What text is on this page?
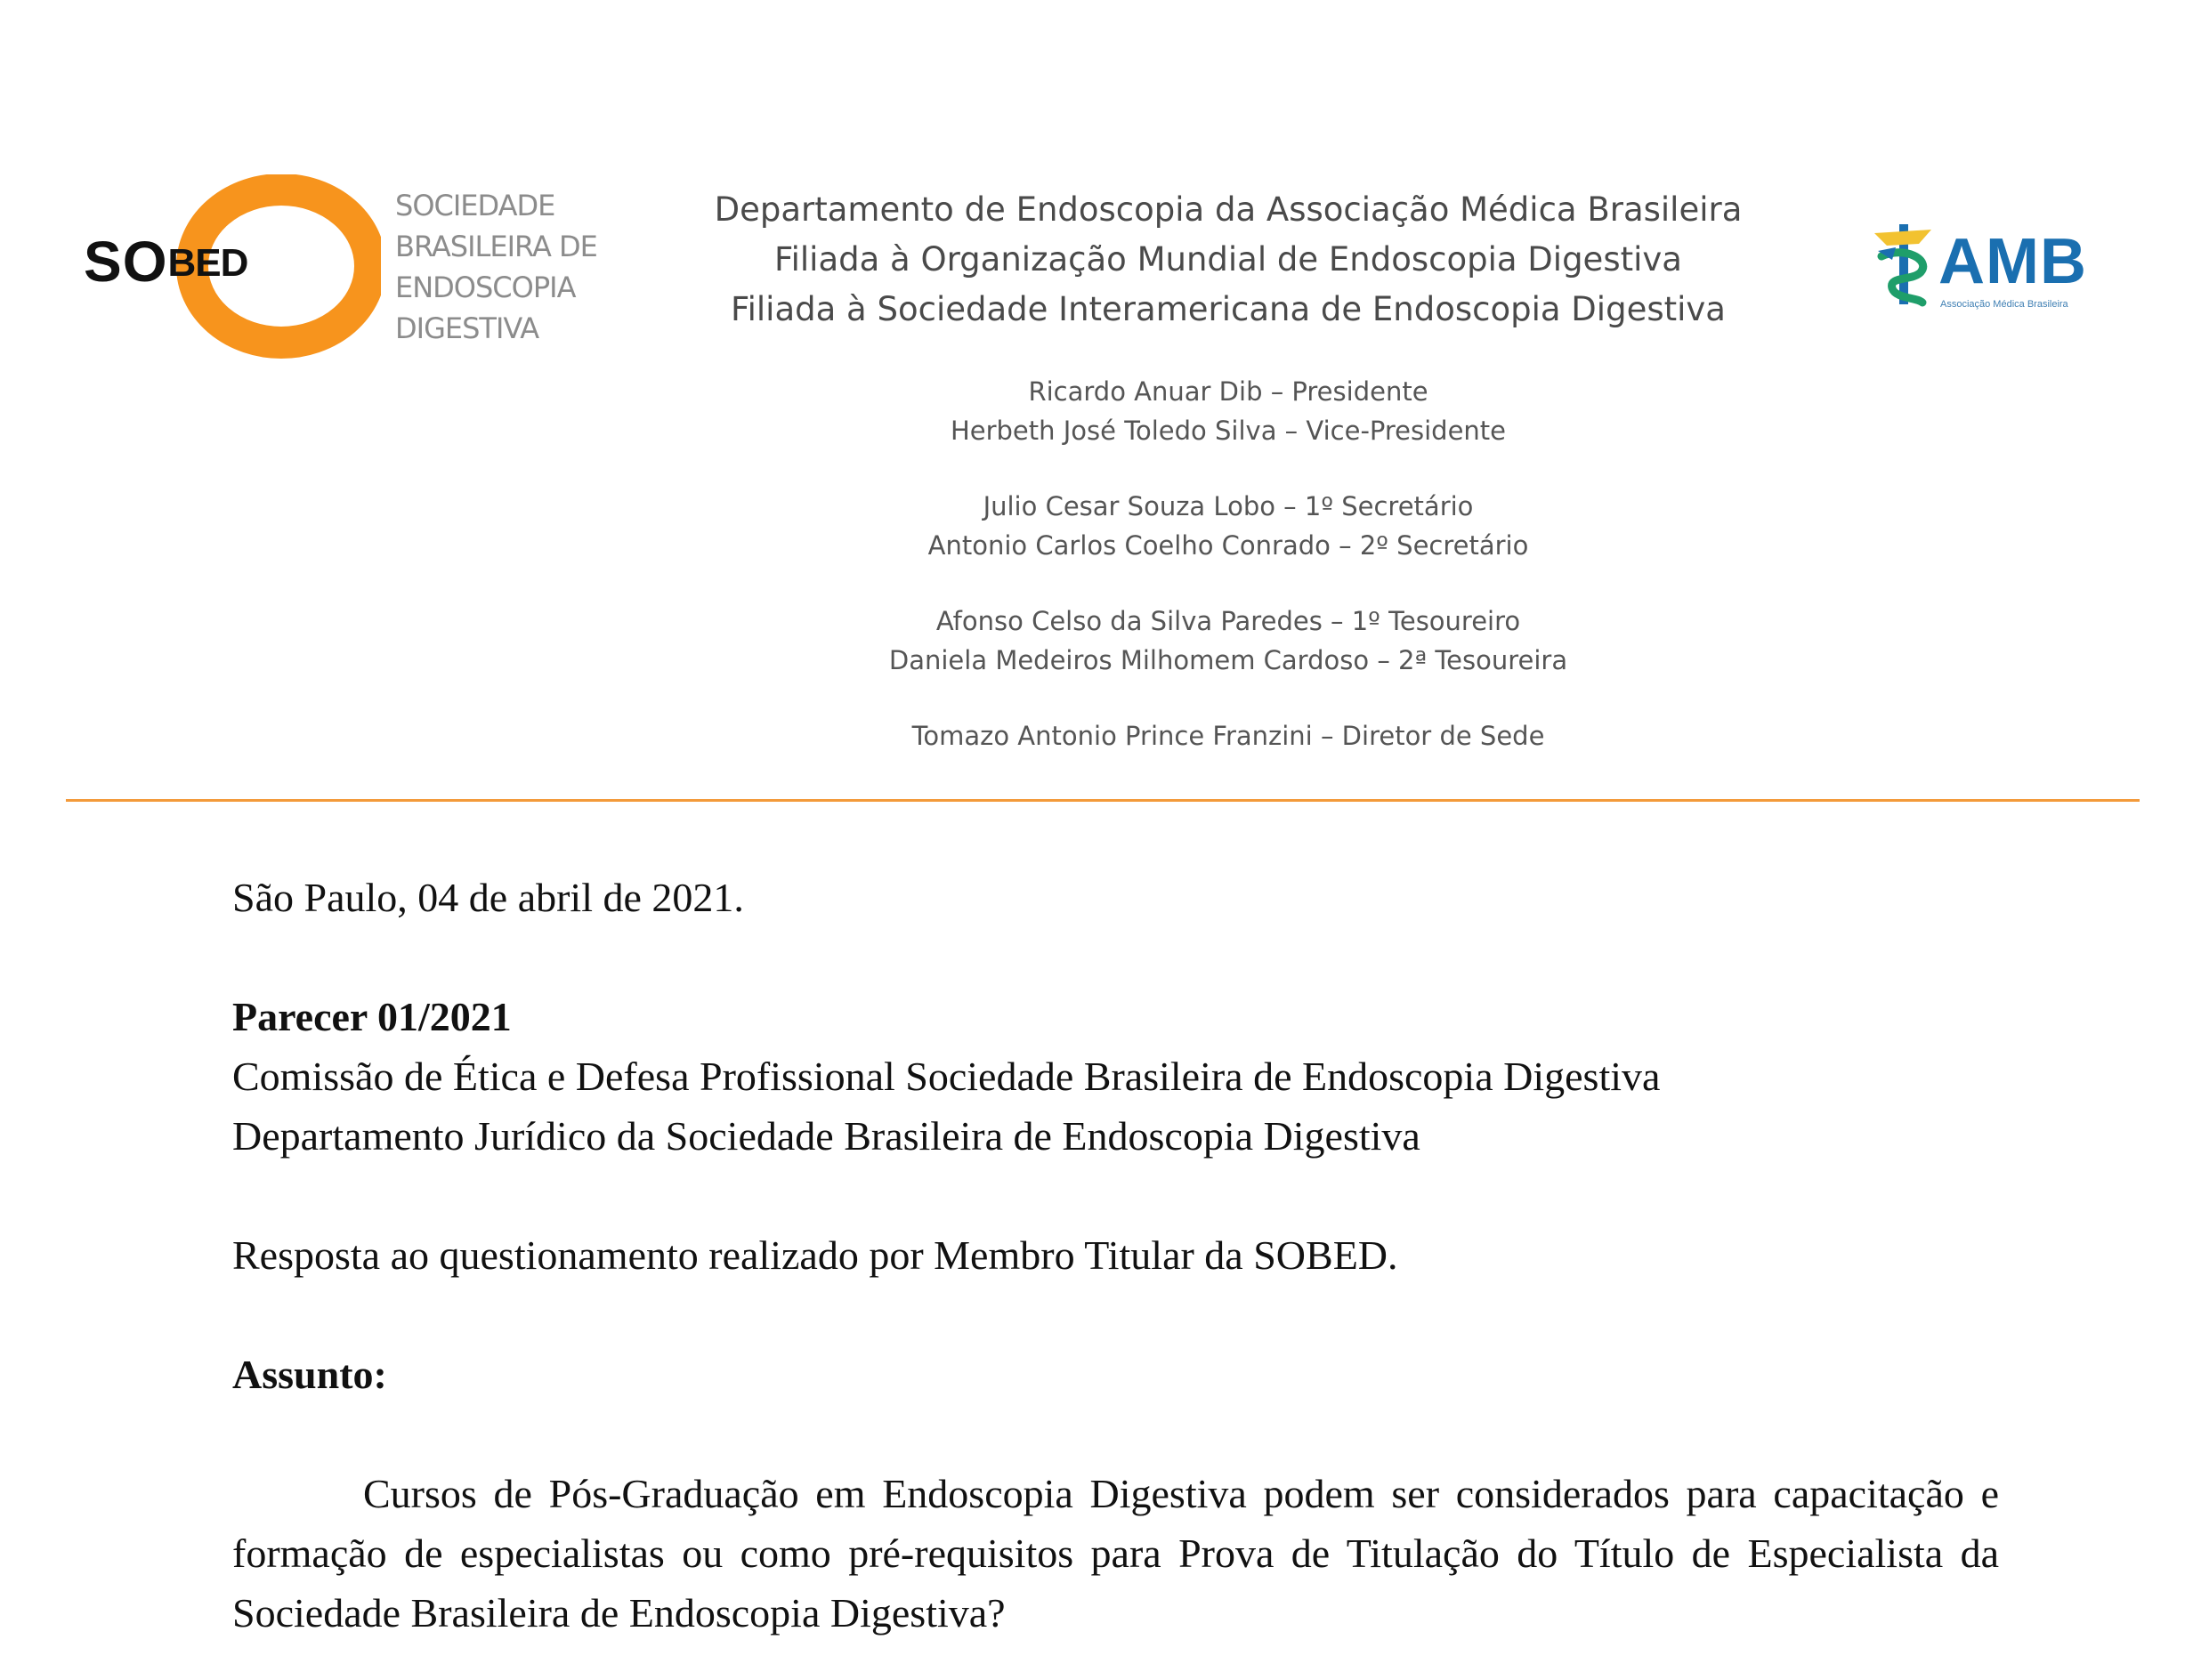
SOBED
SOCIEDADE
BRASILEIRA DE
ENDOSCOPIA
DIGESTIVA
Departamento de Endoscopia da Associação Médica Brasileira
Filiada à Organização Mundial de Endoscopia Digestiva
Filiada à Sociedade Interamericana de Endoscopia Digestiva
Ricardo Anuar Dib – Presidente
Herbeth José Toledo Silva – Vice-Presidente
Julio Cesar Souza Lobo – 1º Secretário
Antonio Carlos Coelho Conrado – 2º Secretário
Afonso Celso da Silva Paredes – 1º Tesoureiro
Daniela Medeiros Milhomem Cardoso – 2ª Tesoureira
Tomazo Antonio Prince Franzini – Diretor de Sede
AMB
Associação Médica Brasileira

São Paulo, 04 de abril de 2021.

Parecer 01/2021

Comissão de Ética e Defesa Profissional Sociedade Brasileira de Endoscopia Digestiva

Departamento Jurídico da Sociedade Brasileira de Endoscopia Digestiva

Resposta ao questionamento realizado por Membro Titular da SOBED.

Assunto:

Cursos de Pós-Graduação em Endoscopia Digestiva podem ser considerados para capacitação e formação de especialistas ou como pré-requisitos para Prova de Titulação do Título de Especialista da Sociedade Brasileira de Endoscopia Digestiva?
